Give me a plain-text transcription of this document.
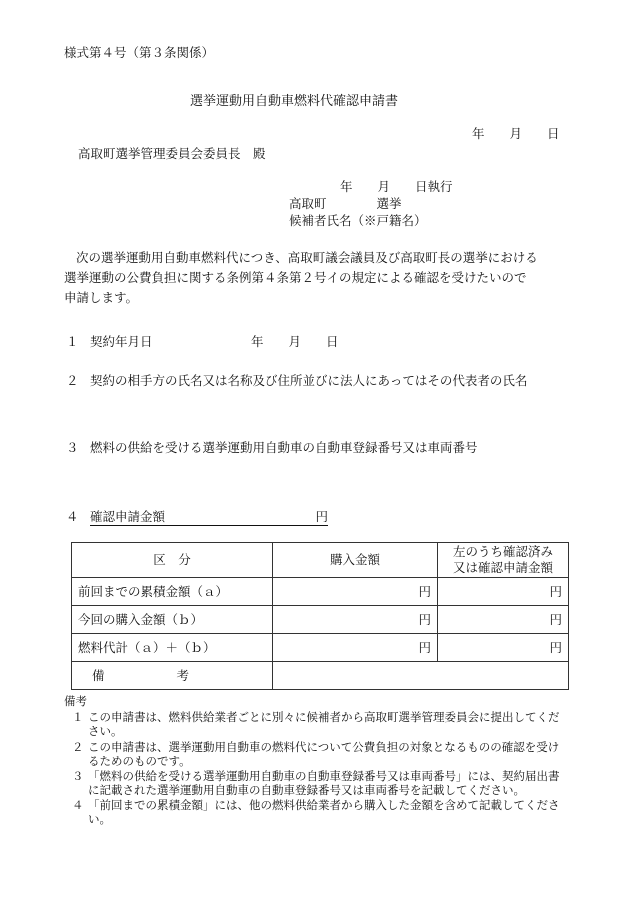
様式第４号（第３条関係）
選挙運動用自動車燃料代確認申請書
年　　月　　日
高取町選挙管理委員会委員長　殿
年　　月　　日執行
高取町　　　　選挙
候補者氏名（※戸籍名）
次の選挙運動用自動車燃料代につき、高取町議会議員及び高取町長の選挙における
選挙運動の公費負担に関する条例第４条第２号イの規定による確認を受けたいので
申請します。
１ 契約年月日	年　　月　　日
２ 契約の相手方の氏名又は名称及び住所並びに法人にあってはその代表者の氏名
３ 燃料の供給を受ける選挙運動用自動車の自動車登録番号又は車両番号
４ 確認申請金額	円
区　分	購入金額	左のうち確認済み
又は確認申請金額
前回までの累積金額（ａ）	円	円
今回の購入金額（ｂ）	円	円
燃料代計（ａ）＋（ｂ）	円	円
備考		
備考
１ この申請書は、燃料供給業者ごとに別々に候補者から高取町選挙管理委員会に提出してください。
２ この申請書は、選挙運動用自動車の燃料代について公費負担の対象となるものの確認を受けるためのものです。
３ 「燃料の供給を受ける選挙運動用自動車の自動車登録番号又は車両番号」には、契約届出書に記載された選挙運動用自動車の自動車登録番号又は車両番号を記載してください。
４ 「前回までの累積金額」には、他の燃料供給業者から購入した金額を含めて記載してください。
